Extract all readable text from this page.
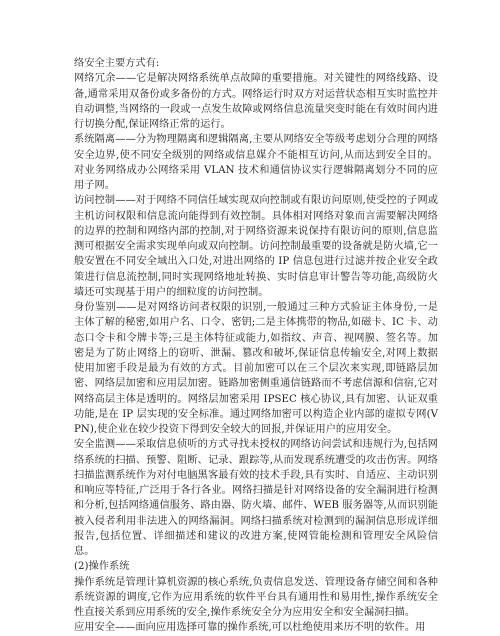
络安全主要方式有:

网络冗余——它是解决网络系统单点故障的重要措施。对关键性的网络线路、设备,通常采用双备份或多备份的方式。网络运行时双方对运营状态相互实时监控并自动调整,当网络的一段或一点发生故障或网络信息流量突变时能在有效时间内进行切换分配,保证网络正常的运行。

系统隔离——分为物理隔离和逻辑隔离,主要从网络安全等级考虑划分合理的网络安全边界,使不同安全级别的网络或信息媒介不能相互访问,从而达到安全目的。对业务网络成办公网络采用 VLAN 技术和通信协议实行逻辑隔离划分不同的应用子网。

访问控制——对于网络不同信任域实现双向控制或有限访问原则,使受控的子网或主机访问权限和信息流向能得到有效控制。具体相对网络对象而言需要解决网络的边界的控制和网络内部的控制,对于网络资源来说保持有限访问的原则,信息监测可根据安全需求实现单向或双向控制。访问控制最重要的设备就是防火墙,它一般安置在不同安全域出入口处,对进出网络的 IP 信息包进行过滤并按企业安全政策进行信息流控制,同时实现网络地址转换、实时信息审计警告等功能,高级防火墙还可实现基于用户的细粒度的访问控制。

身份鉴别——是对网络访问者权限的识别,一般通过三种方式验证主体身份,一是主体了解的秘密,如用户名、口令、密钥;二是主体携带的物品,如磁卡、IC 卡、动态口令卡和令牌卡等;三是主体特征或能力,如指纹、声音、视网膜、签名等。加密是为了防止网络上的窃听、泄漏、篡改和破坏,保证信息传输安全,对网上数据使用加密手段是最为有效的方式。目前加密可以在三个层次来实现,即链路层加密、网络层加密和应用层加密。链路加密侧重通信链路而不考虑信源和信宿,它对网络高层主体是透明的。网络层加密采用 IPSEC 核心协议,具有加密、认证双重功能,是在 IP 层实现的安全标准。通过网络加密可以构造企业内部的虚拟专网(VPN),使企业在较少投资下得到安全较大的回报,并保证用户的应用安全。

安全监测——采取信息侦听的方式寻找未授权的网络访问尝试和违规行为,包括网络系统的扫描、预警、阻断、记录、跟踪等,从而发现系统遭受的攻击伤害。网络扫描监测系统作为对付电脑黑客最有效的技术手段,具有实时、自适应、主动识别和响应等特征,广泛用于各行各业。网络扫描是针对网络设备的安全漏洞进行检测和分析,包括网络通信服务、路由器、防火墙、邮件、WEB 服务器等,从而识别能被入侵者利用非法进入的网络漏洞。网络扫描系统对检测到的漏洞信息形成详细报告,包括位置、详细描述和建议的改进方案,使网管能检测和管理安全风险信息。

(2)操作系统

操作系统是管理计算机资源的核心系统,负责信息发送、管理设备存储空间和各种系统资源的调度,它作为应用系统的软件平台具有通用性和易用性,操作系统安全性直接关系到应用系统的安全,操作系统安全分为应用安全和安全漏洞扫描。

应用安全——面向应用选择可靠的操作系统,可以杜绝使用来历不明的软件。用
